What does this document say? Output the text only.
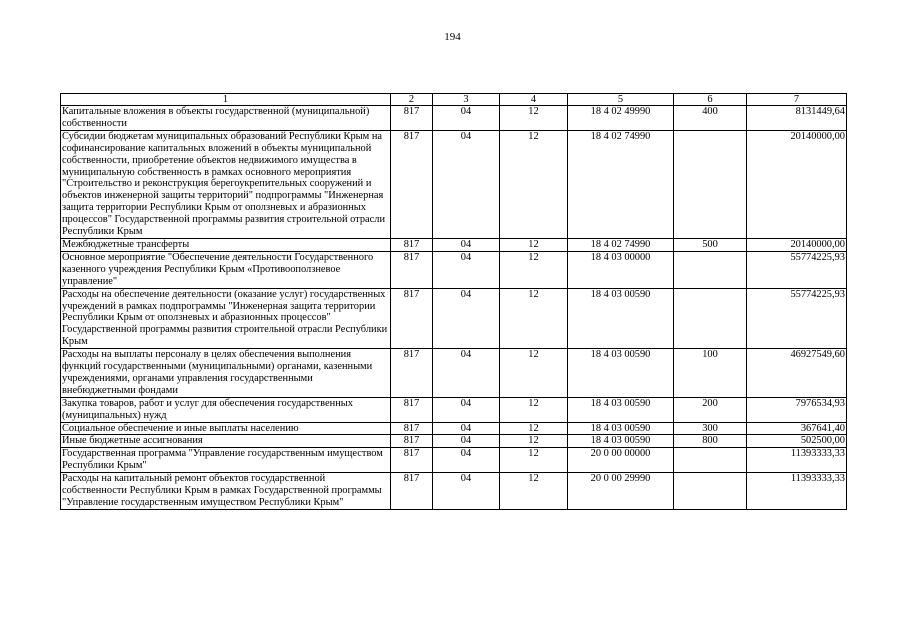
194
1	2	3	4	5	6	7
Капитальные вложения в объекты государственной (муниципальной) собственности	817	04	12	18 4 02 49990	400	8131449,64
Субсидии бюджетам муниципальных образований Республики Крым на софинансирование капитальных вложений в объекты муниципальной собственности, приобретение объектов недвижимого имущества в муниципальную собственность в рамках основного мероприятия "Строительство и реконструкция берегоукрепительных сооружений и объектов инженерной защиты территорий" подпрограммы "Инженерная защита территории Республики Крым от оползневых и абразионных процессов" Государственной программы развития строительной отрасли Республики Крым	817	04	12	18 4 02 74990		20140000,00
Межбюджетные трансферты	817	04	12	18 4 02 74990	500	20140000,00
Основное мероприятие "Обеспечение деятельности Государственного казенного учреждения Республики Крым «Противооползневое управление"	817	04	12	18 4 03 00000		55774225,93
Расходы на обеспечение деятельности (оказание услуг) государственных учреждений в рамках подпрограммы "Инженерная защита территории Республики Крым от оползневых и абразионных процессов" Государственной программы развития строительной отрасли Республики Крым	817	04	12	18 4 03 00590		55774225,93
Расходы на выплаты персоналу в целях обеспечения выполнения функций государственными (муниципальными) органами, казенными учреждениями, органами управления государственными внебюджетными фондами	817	04	12	18 4 03 00590	100	46927549,60
Закупка товаров, работ и услуг для обеспечения государственных (муниципальных) нужд	817	04	12	18 4 03 00590	200	7976534,93
Социальное обеспечение и иные выплаты населению	817	04	12	18 4 03 00590	300	367641,40
Иные бюджетные ассигнования	817	04	12	18 4 03 00590	800	502500,00
Государственная программа "Управление государственным имуществом Республики Крым"	817	04	12	20 0 00 00000		11393333,33
Расходы на капитальный ремонт объектов государственной собственности Республики Крым в рамках Государственной программы "Управление государственным имуществом Республики Крым"	817	04	12	20 0 00 29990		11393333,33
